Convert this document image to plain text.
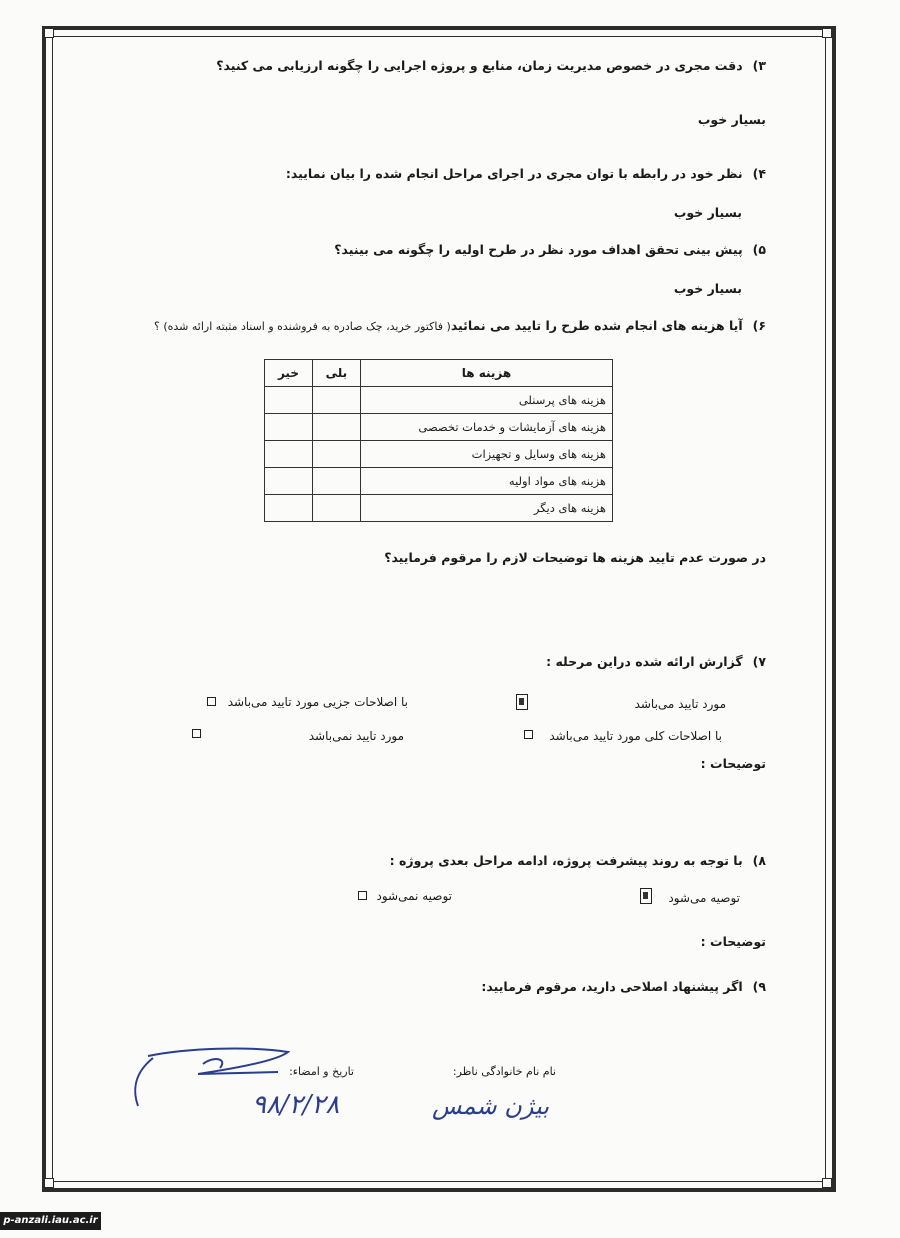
۳)دقت مجری در خصوص مدیریت زمان، منابع و پروژه اجرایی را چگونه ارزیابی می کنید؟
بسیار خوب
۴)نظر خود در رابطه با توان مجری در اجرای مراحل انجام شده را بیان نمایید:
بسیار خوب
۵)پیش بینی تحقق اهداف مورد نظر در طرح اولیه را چگونه می بینید؟
بسیار خوب
۶)آیا هزینه های انجام شده طرح را تایید می نمائید( فاکتور خرید، چک صادره به فروشنده و اسناد مثبته ارائه شده) ؟
هزینه ها	بلی	خیر
هزینه های پرسنلی		
هزینه های آزمایشات و خدمات تخصصی		
هزینه های وسایل و تجهیزات		
هزینه های مواد اولیه		
هزینه های دیگر		
در صورت عدم تایید هزینه ها توضیحات لازم را مرقوم فرمایید؟
۷)گزارش ارائه شده دراین مرحله :
مورد تایید می‌باشد
با اصلاحات جزیی مورد تایید می‌باشد
با اصلاحات کلی مورد تایید می‌باشد
مورد تایید نمی‌باشد
توضیحات :
۸)با توجه به روند پیشرفت پروژه، ادامه مراحل بعدی پروژه :
توصیه می‌شود
توصیه نمی‌شود
توضیحات :
۹)اگر پیشنهاد اصلاحی دارید، مرقوم فرمایید:
نام نام خانوادگی ناظر:
تاریخ و امضاء:
۹۸/۲/۲۸	بیژن شمس
p-anzali.iau.ac.ir
